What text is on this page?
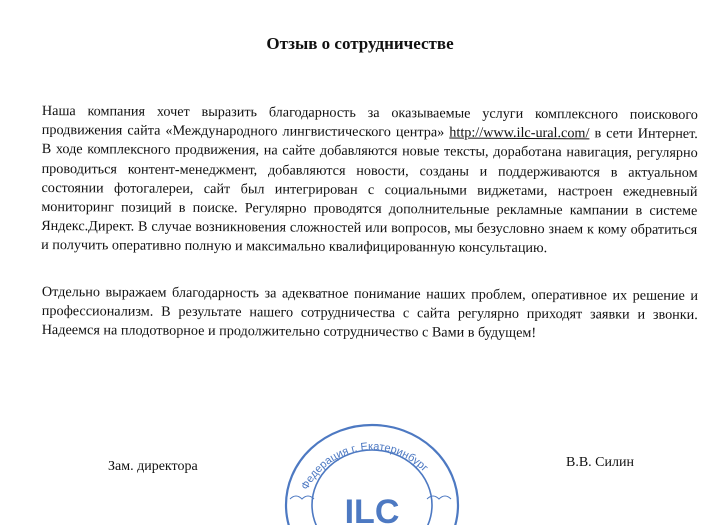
Отзыв о сотрудничестве
Наша компания хочет выразить благодарность за оказываемые услуги комплексного поискового продвижения сайта «Международного лингвистического центра» http://www.ilc-ural.com/ в сети Интернет. В ходе комплексного продвижения, на сайте добавляются новые тексты, доработана навигация, регулярно проводиться контент-менеджмент, добавляются новости, созданы и поддерживаются в актуальном состоянии фотогалереи, сайт был интегрирован с социальными виджетами, настроен ежедневный мониторинг позиций в поиске. Регулярно проводятся дополнительные рекламные кампании в системе Яндекс.Директ. В случае возникновения сложностей или вопросов, мы безусловно знаем к кому обратиться и получить оперативно полную и максимально квалифицированную консультацию.
Отдельно выражаем благодарность за адекватное понимание наших проблем, оперативное их решение и профессионализм. В результате нашего сотрудничества с сайта регулярно приходят заявки и звонки. Надеемся на плодотворное и продолжительно сотрудничество с Вами в будущем!
Федерация г. Екатеринбург
ILC
Зам. директора	В.В. Силин
